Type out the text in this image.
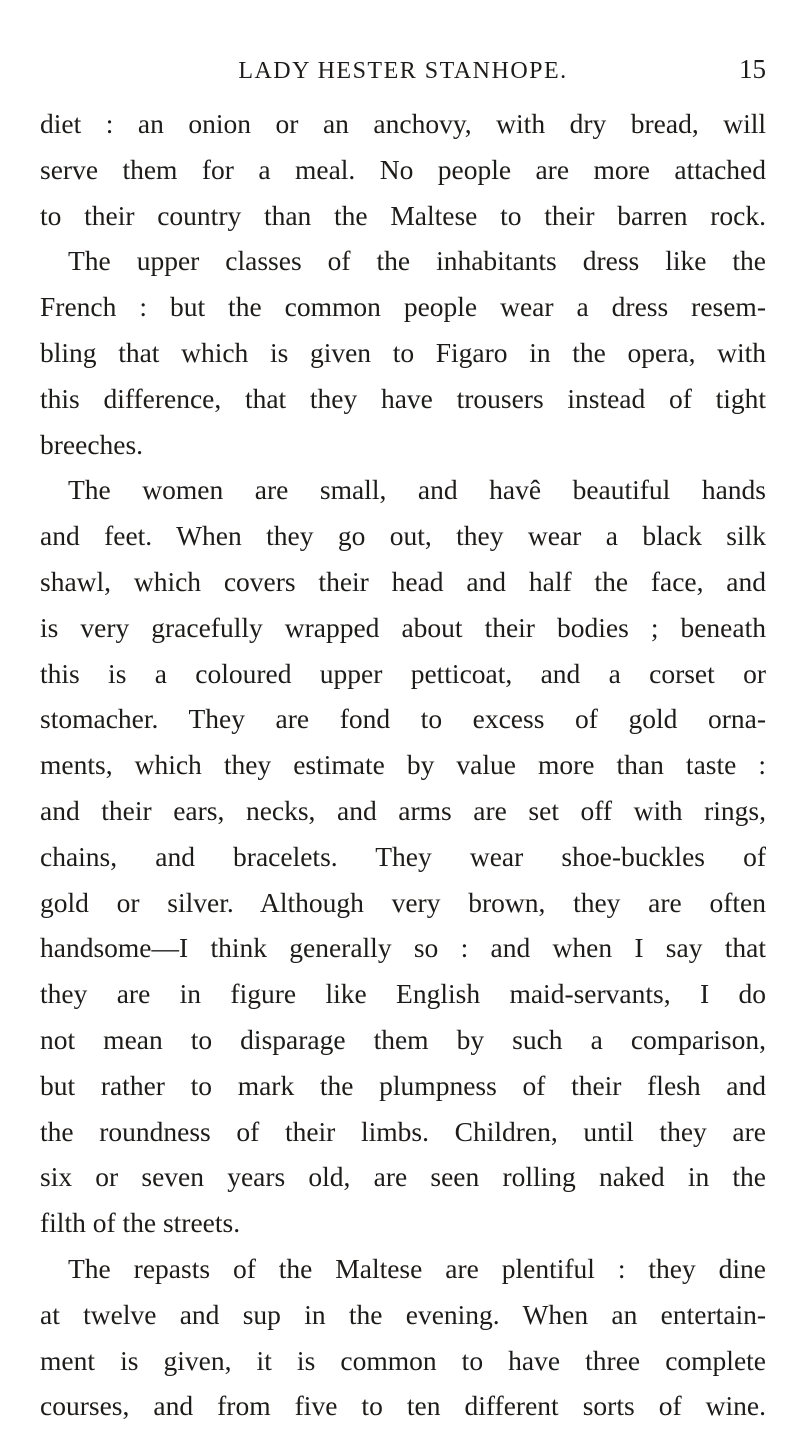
LADY HESTER STANHOPE.	15
diet : an onion or an anchovy, with dry bread, will
serve them for a meal. No people are more attached
to their country than the Maltese to their barren rock.
The upper classes of the inhabitants dress like the
French : but the common people wear a dress resem-
bling that which is given to Figaro in the opera, with
this difference, that they have trousers instead of tight
breeches.
The women are small, and havê beautiful hands
and feet. When they go out, they wear a black silk
shawl, which covers their head and half the face, and
is very gracefully wrapped about their bodies ; beneath
this is a coloured upper petticoat, and a corset or
stomacher. They are fond to excess of gold orna-
ments, which they estimate by value more than taste :
and their ears, necks, and arms are set off with rings,
chains, and bracelets. They wear shoe-buckles of
gold or silver. Although very brown, they are often
handsome—I think generally so : and when I say that
they are in figure like English maid-servants, I do
not mean to disparage them by such a comparison,
but rather to mark the plumpness of their flesh and
the roundness of their limbs. Children, until they are
six or seven years old, are seen rolling naked in the
filth of the streets.
The repasts of the Maltese are plentiful : they dine
at twelve and sup in the evening. When an entertain-
ment is given, it is common to have three complete
courses, and from five to ten different sorts of wine.
